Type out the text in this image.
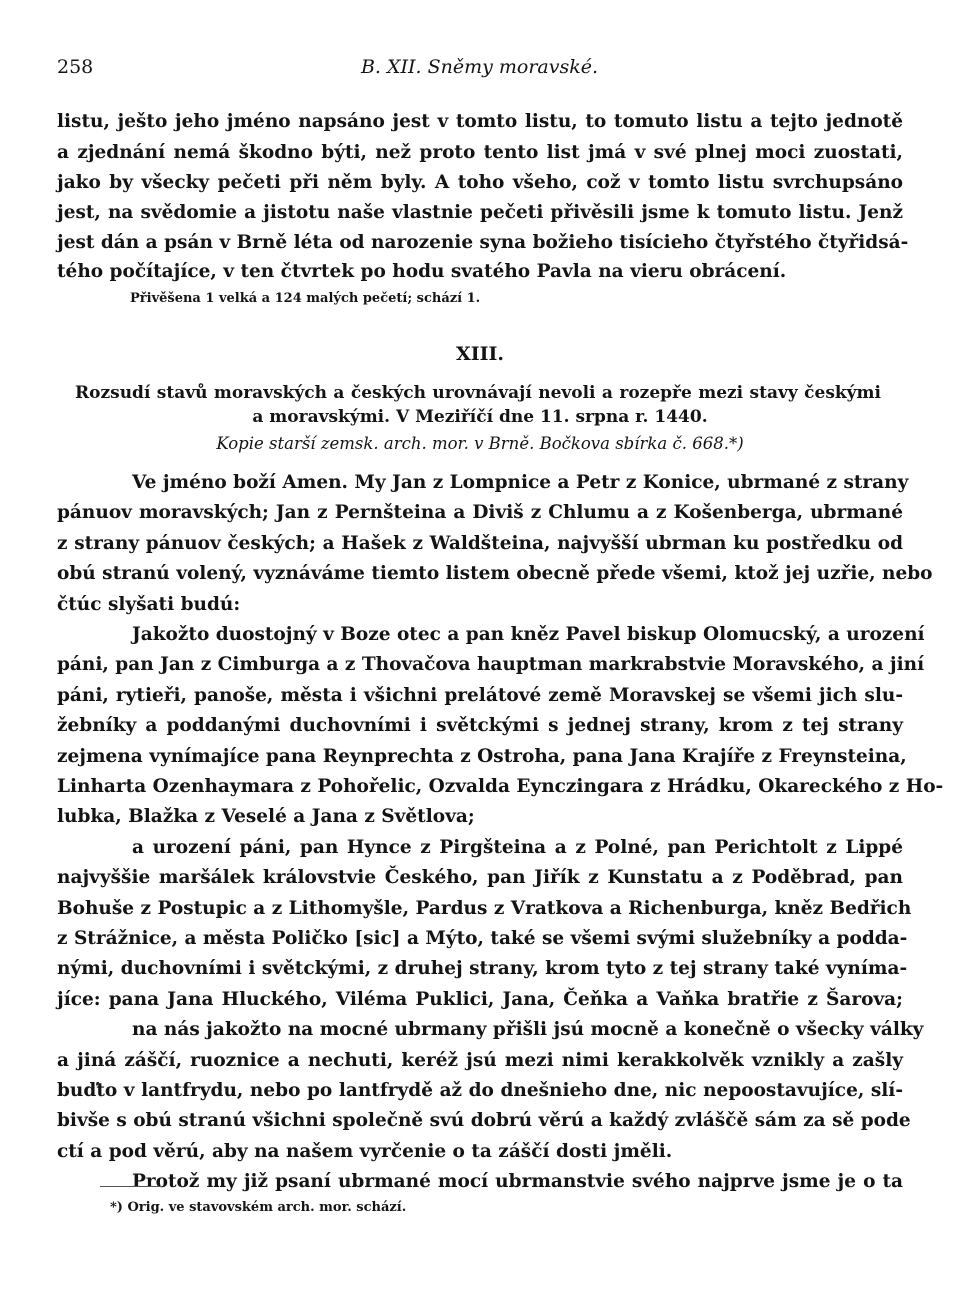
258	B. XII. Sněmy moravské.
listu, ješto jeho jméno napsáno jest v tomto listu, to tomuto listu a tejto jednotě
a zjednání nemá škodno býti, než proto tento list jmá v své plnej moci zuostati,
jako by všecky pečeti při něm byly. A toho všeho, což v tomto listu svrchupsáno
jest, na svědomie a jistotu naše vlastnie pečeti přivěsili jsme k tomuto listu. Jenž
jest dán a psán v Brně léta od narozenie syna božieho tisícieho čtyřstého čtyřidsá-
tého počítajíce, v ten čtvrtek po hodu svatého Pavla na vieru obrácení.
Přivěšena 1 velká a 124 malých pečetí; schází 1.
XIII.
Rozsudí stavů moravských a českých urovnávají nevoli a rozepře mezi stavy českými
a moravskými. V Meziříčí dne 11. srpna r. 1440.
Kopie starší zemsk. arch. mor. v Brně. Bočkova sbírka č. 668.*)
Ve jméno boží Amen. My Jan z Lompnice a Petr z Konice, ubrmané z strany
pánuov moravských; Jan z Pernšteina a Diviš z Chlumu a z Košenberga, ubrmané
z strany pánuov českých; a Hašek z Waldšteina, najvyšší ubrman ku postředku od
obú stranú volený, vyznáváme tiemto listem obecně přede všemi, ktož jej uzřie, nebo
čtúc slyšati budú:
Jakožto duostojný v Boze otec a pan kněz Pavel biskup Olomucský, a urození
páni, pan Jan z Cimburga a z Thovačova hauptman markrabstvie Moravského, a jiní
páni, rytieři, panoše, města i všichni prelátové země Moravskej se všemi jich slu-
žebníky a poddanými duchovními i světckými s jednej strany, krom z tej strany
zejmena vynímajíce pana Reynprechta z Ostroha, pana Jana Krajíře z Freynsteina,
Linharta Ozenhaymara z Pohořelic, Ozvalda Eynczingara z Hrádku, Okareckého z Ho-
lubka, Blažka z Veselé a Jana z Světlova;
a urození páni, pan Hynce z Pirgšteina a z Polné, pan Perichtolt z Lippé
najvyššie maršálek královstvie Českého, pan Jiřík z Kunstatu a z Poděbrad, pan
Bohuše z Postupic a z Lithomyšle, Pardus z Vratkova a Richenburga, kněz Bedřich
z Strážnice, a města Poličko [sic] a Mýto, také se všemi svými služebníky a podda-
nými, duchovními i světckými, z druhej strany, krom tyto z tej strany také vyníma-
jíce: pana Jana Hluckého, Viléma Puklici, Jana, Čeňka a Vaňka bratřie z Šarova;
na nás jakožto na mocné ubrmany přišli jsú mocně a konečně o všecky války
a jiná záščí, ruoznice a nechuti, keréž jsú mezi nimi kerakkolvěk vznikly a zašly
buďto v lantfrydu, nebo po lantfrydě až do dnešnieho dne, nic nepoostavujíce, slí-
bivše s obú stranú všichni společně svú dobrú věrú a každý zvláščě sám za sě pode
ctí a pod věrú, aby na našem vyrčenie o ta záščí dosti jměli.
Protož my již psaní ubrmané mocí ubrmanstvie svého najprve jsme je o ta
*) Orig. ve stavovském arch. mor. schází.
